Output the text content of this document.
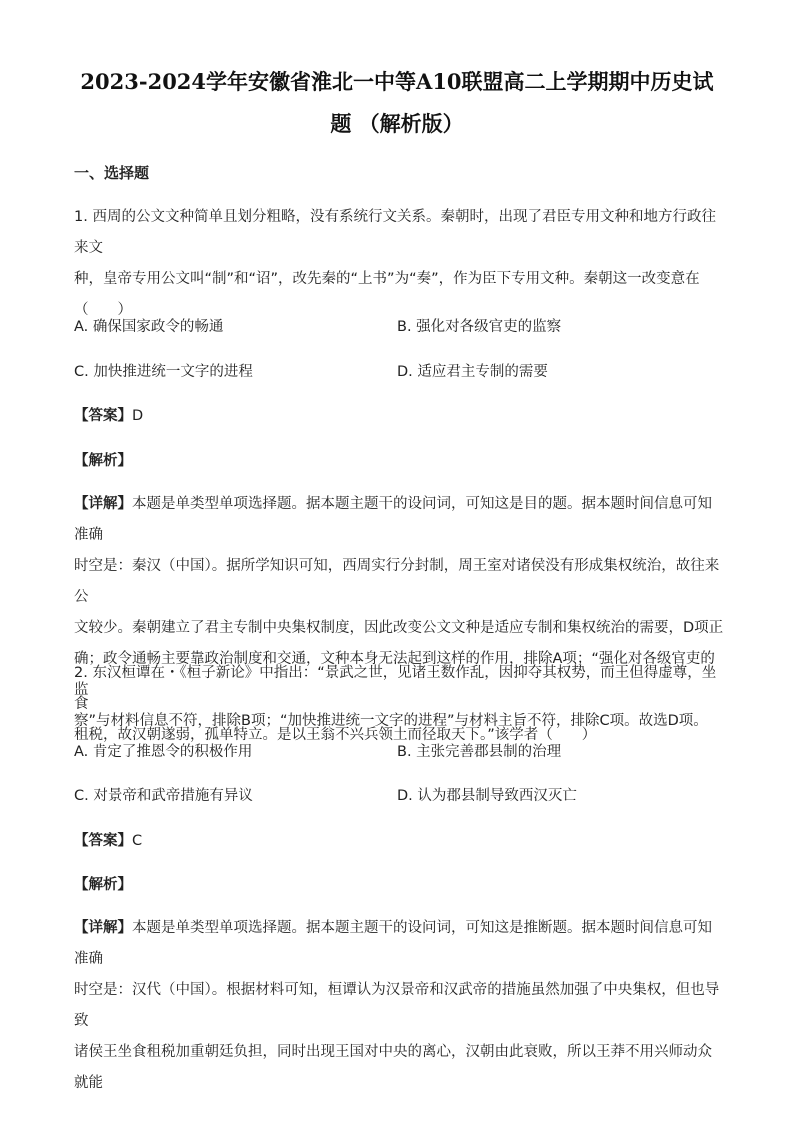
2023-2024学年安徽省淮北一中等A10联盟高二上学期期中历史试
题 （解析版）
一、选择题
1. 西周的公文文种简单且划分粗略，没有系统行文关系。秦朝时，出现了君臣专用文种和地方行政往来文
种，皇帝专用公文叫“制”和“诏”，改先秦的“上书”为“奏”，作为臣下专用文种。秦朝这一改变意在
（　　）
A. 确保国家政令的畅通	B. 强化对各级官吏的监察
C. 加快推进统一文字的进程	D. 适应君主专制的需要
【答案】D
【解析】
【详解】本题是单类型单项选择题。据本题主题干的设问词，可知这是目的题。据本题时间信息可知准确
时空是：秦汉（中国）。据所学知识可知，西周实行分封制，周王室对诸侯没有形成集权统治，故往来公
文较少。秦朝建立了君主专制中央集权制度，因此改变公文文种是适应专制和集权统治的需要，D项正
确；政令通畅主要靠政治制度和交通，文种本身无法起到这样的作用，排除A项；“强化对各级官吏的监
察”与材料信息不符，排除B项；“加快推进统一文字的进程”与材料主旨不符，排除C项。故选D项。
2. 东汉桓谭在・《桓子新论》中指出：“景武之世，见诸王数作乱，因抑夺其权势，而王但得虚尊，坐食
租税，故汉朝遂弱，孤单特立。是以王翁不兴兵领土而径取天下。”该学者（　　）
A. 肯定了推恩令的积极作用	B. 主张完善郡县制的治理
C. 对景帝和武帝措施有异议	D. 认为郡县制导致西汉灭亡
【答案】C
【解析】
【详解】本题是单类型单项选择题。据本题主题干的设问词，可知这是推断题。据本题时间信息可知准确
时空是：汉代（中国）。根据材料可知，桓谭认为汉景帝和汉武帝的措施虽然加强了中央集权，但也导致
诸侯王坐食租税加重朝廷负担，同时出现王国对中央的离心，汉朝由此衰败，所以王莽不用兴师动众就能
